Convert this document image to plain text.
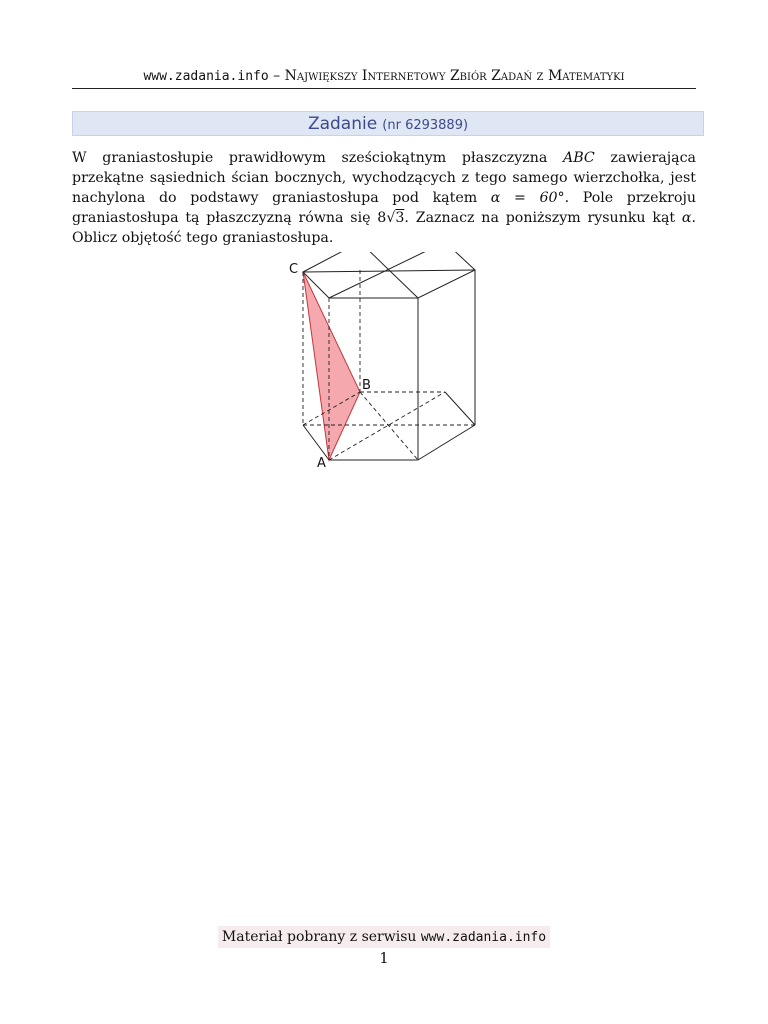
www.zadania.info – Największy Internetowy Zbiór Zadań z Matematyki
Zadanie (nr 6293889)
W graniastosłupie prawidłowym sześciokątnym płaszczyzna ABC zawierająca przekątne sąsiednich ścian bocznych, wychodzących z tego samego wierzchołka, jest nachylona do podstawy graniastosłupa pod kątem α = 60°. Pole przekroju graniastosłupa tą płaszczyzną równa się 8√3. Zaznacz na poniższym rysunku kąt α. Oblicz objętość tego graniastosłupa.
C
B
A
Materiał pobrany z serwisu www.zadania.info
1
